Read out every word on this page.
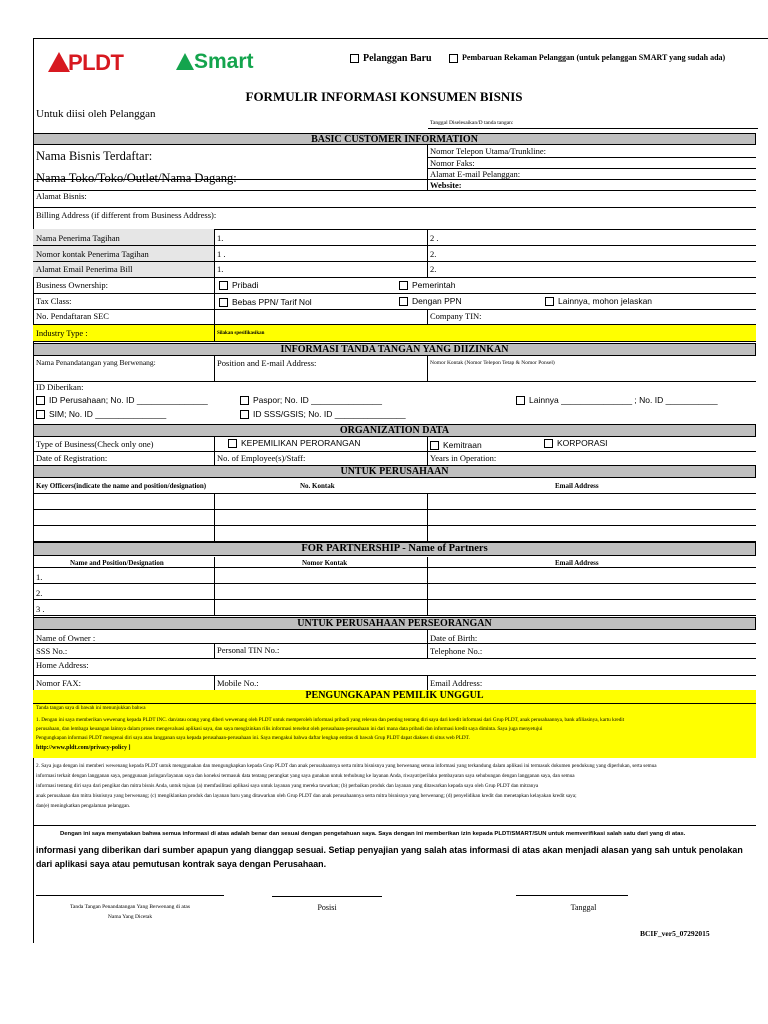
PLDT	Smart	Pelanggan Baru	Pembaruan Rekaman Pelanggan (untuk pelanggan SMART yang sudah ada)
FORMULIR INFORMASI KONSUMEN BISNIS
Untuk diisi oleh Pelanggan
Tanggal Diselesaikan/D tanda tangan:
BASIC CUSTOMER INFORMATION
Nama Bisnis Terdaftar:
Nama Toko/Toko/Outlet/Nama Dagang:
Nomor Telepon Utama/Trunkline:
Nomor Faks:
Alamat E-mail Pelanggan:
Website:
Alamat Bisnis:
Billing Address (if different from Business Address):
Nama Penerima Tagihan	1.	2 .
Nomor kontak Penerima Tagihan	1 .	2.
Alamat Email Penerima Bill	1.	2.
Business Ownership:	Pribadi	Pemerintah
Tax Class:	Bebas PPN/ Tarif Nol	Dengan PPN	Lainnya, mohon jelaskan
No. Pendaftaran SEC	Company TIN:
Industry Type :	Silakan spesifikasikan
INFORMASI TANDA TANGAN YANG DIIZINKAN
Nama Penandatangan yang Berwenang:	Position and E-mail Address:	Nomor Kontak (Nomor Telepon Tetap & Nomor Ponsel)
ID Diberikan:
ID Perusahaan; No. ID _______________	Paspor; No. ID _______________	Lainnya _______________ ; No. ID ___________
SIM; No. ID _______________	ID SSS/GSIS; No. ID _______________
ORGANIZATION DATA
Type of Business(Check only one)	KEPEMILIKAN PERORANGAN	Kemitraan	KORPORASI
Date of Registration:	No. of Employee(s)/Staff:	Years in Operation:
UNTUK PERUSAHAAN
Key Officers(indicate the name and position/designation)	No. Kontak	Email Address
FOR PARTNERSHIP - Name of Partners
Name and Position/Designation	Nomor Kontak	Email Address
1.
2.
3 .
UNTUK PERUSAHAAN PERSEORANGAN
Name of Owner :	Date of Birth:
SSS No.:	Personal TIN No.:	Telephone No.:
Home Address:
Nomor FAX:	Mobile No.:	Email Address:
PENGUNGKAPAN PEMILIK UNGGUL
Tanda tangan saya di bawah ini menunjukkan bahwa
1. Dengan ini saya memberikan wewenang kepada PLDT INC. dan/atau orang yang diberi wewenang oleh PLDT untuk memperoleh informasi pribadi yang relevan dan penting tentang diri saya dari kredit informasi dari Grup PLDT, anak perusahaannya, bank afiliasinya, kartu kredit
perusahaan, dan lembaga keuangan lainnya dalam proses mengevaluasi aplikasi saya, dan saya mengizinkan rilis informasi tersebut oleh perusahaan-perusahaan ini dari mana data pribadi dan informasi kredit saya diminta. Saya juga menyetujui
Pengungkapan informasi PLDT mengenai diri saya atau langganan saya kepada perusahaan-perusahaan ini. Saya mengakui bahwa daftar lengkap entitas di bawah Grup PLDT dapat diakses di situs web PLDT.
http://www.pldt.com/privacy-policy ]
2. Saya juga dengan ini memberi wewenang kepada PLDT untuk menggunakan dan mengungkapkan kepada Grup PLDT dan anak perusahaannya serta mitra bisnisnya yang berwenang semua informasi yang terkandung dalam aplikasi ini termasuk dokumen pendukung yang diperlukan, serta semua
informasi terkait dengan langganan saya, penggunaan jaringan/layanan saya dan koneksi termasuk data tentang perangkat yang saya gunakan untuk terhubung ke layanan Anda, riwayat/perilaku pembayaran saya sehubungan dengan langganan saya, dan semua
informasi tentang diri saya dari pengikat dan mitra bisnis Anda, untuk tujuan (a) memfasilitasi aplikasi saya untuk layanan yang mereka tawarkan; (b) perbaikan produk dan layanan yang ditawarkan kepada saya oleh Grup PLDT dan mitranya
anak perusahaan dan mitra bisnisnya yang berwenang; (c) mengiklankan produk dan layanan baru yang ditawarkan oleh Grup PLDT dan anak perusahaannya serta mitra bisnisnya yang berwenang; (d) penyelidikan kredit dan menetapkan kelayakan kredit saya;
dan(e) meningkatkan pengalaman pelanggan.
Dengan ini saya menyatakan bahwa semua informasi di atas adalah benar dan sesuai dengan pengetahuan saya. Saya dengan ini memberikan izin kepada PLDT/SMART/SUN untuk memverifikasi salah satu dari yang di atas.
informasi yang diberikan dari sumber apapun yang dianggap sesuai. Setiap penyajian yang salah atas informasi di atas akan menjadi alasan yang sah untuk penolakan
dari aplikasi saya atau pemutusan kontrak saya dengan Perusahaan.
Tanda Tangan Penandatangan Yang Berwenang di atas
Nama Yang Dicetak
Posisi	Tanggal
BCIF_ver5_07292015
